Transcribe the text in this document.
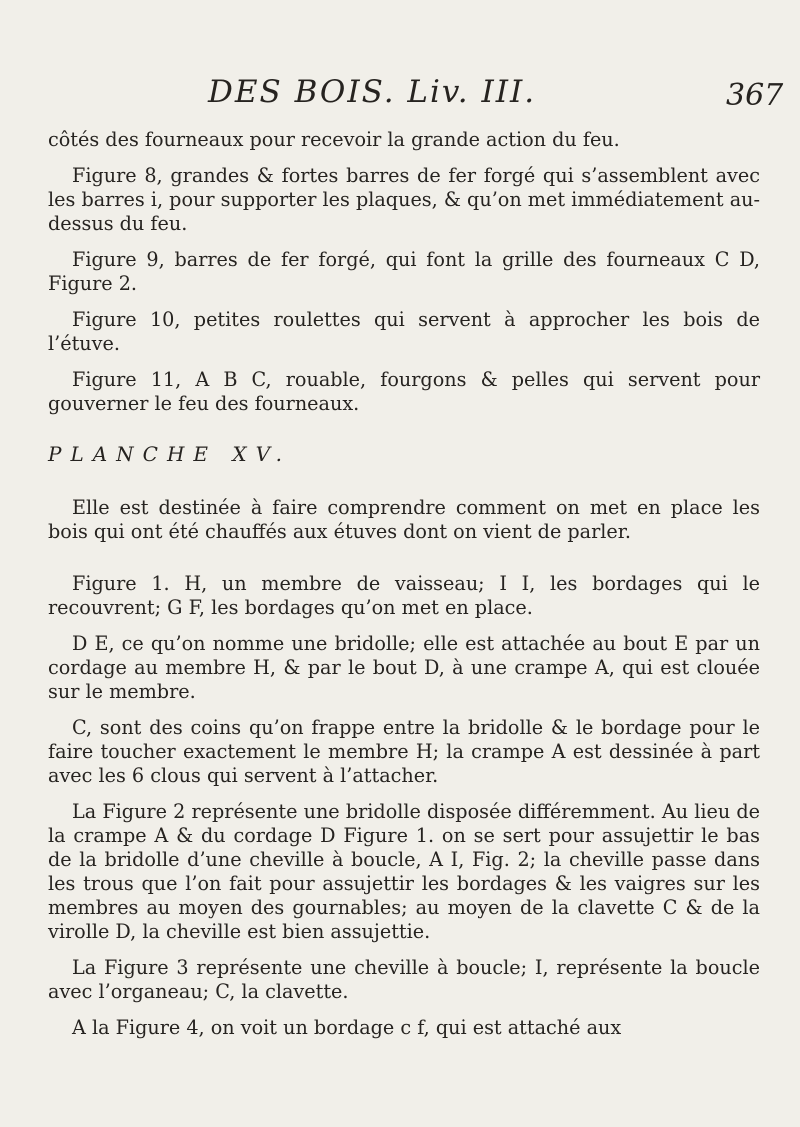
DES BOIS. Liv. III.	367

côtés des fourneaux pour recevoir la grande action du feu.

Figure 8, grandes & fortes barres de fer forgé qui s’assemblent avec les barres i, pour supporter les plaques, & qu’on met immédiatement au-dessus du feu.

Figure 9, barres de fer forgé, qui font la grille des fourneaux C D, Figure 2.

Figure 10, petites roulettes qui servent à approcher les bois de l’étuve.

Figure 11, A B C, rouable, fourgons & pelles qui servent pour gouverner le feu des fourneaux.

PLANCHE XV.

Elle est destinée à faire comprendre comment on met en place les bois qui ont été chauffés aux étuves dont on vient de parler.

Figure 1. H, un membre de vaisseau; I I, les bordages qui le recouvrent; G F, les bordages qu’on met en place.

D E, ce qu’on nomme une bridolle; elle est attachée au bout E par un cordage au membre H, & par le bout D, à une crampe A, qui est clouée sur le membre.

C, sont des coins qu’on frappe entre la bridolle & le bordage pour le faire toucher exactement le membre H; la crampe A est dessinée à part avec les 6 clous qui servent à l’attacher.

La Figure 2 représente une bridolle disposée différemment. Au lieu de la crampe A & du cordage D Figure 1. on se sert pour assujettir le bas de la bridolle d’une cheville à boucle, A I, Fig. 2; la cheville passe dans les trous que l’on fait pour assujettir les bordages & les vaigres sur les membres au moyen des gournables; au moyen de la clavette C & de la virolle D, la cheville est bien assujettie.

La Figure 3 représente une cheville à boucle; I, représente la boucle avec l’organeau; C, la clavette.

A la Figure 4, on voit un bordage c f, qui est attaché aux
